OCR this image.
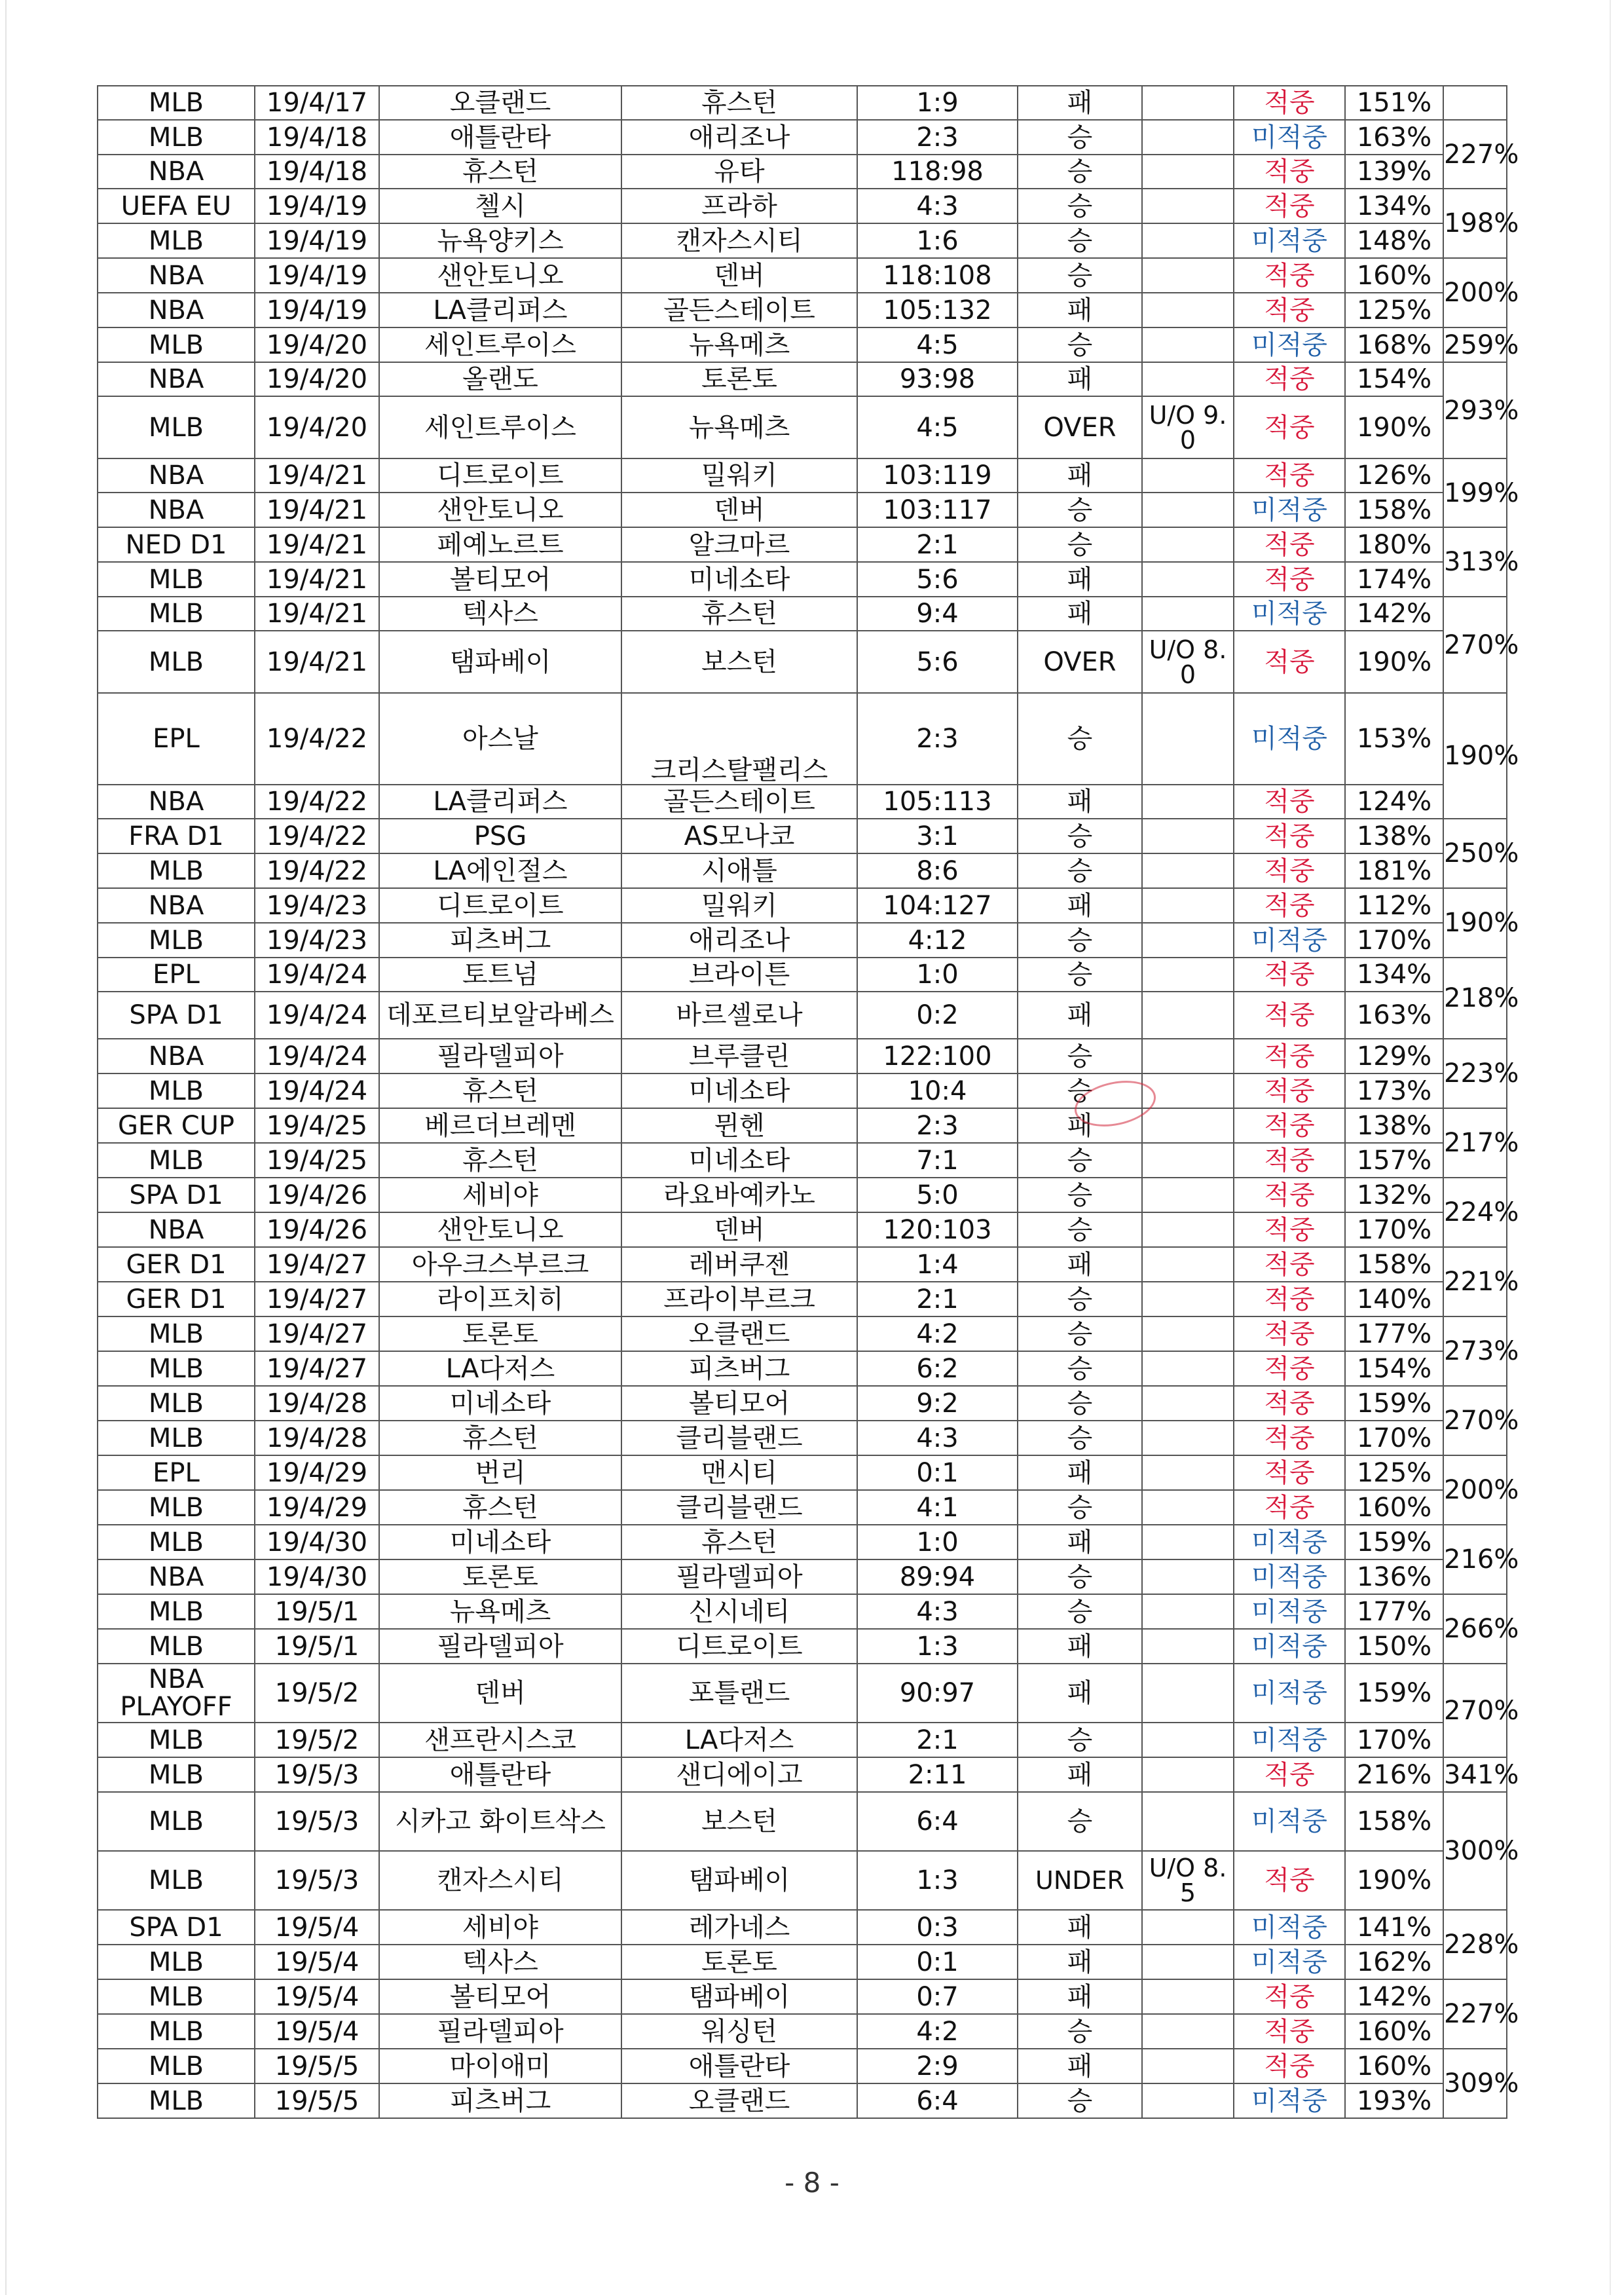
MLB	19/4/17	오클랜드	휴스턴	1:9	패		적중	151%	
MLB	19/4/18	애틀란타	애리조나	2:3	승		미적중	163%	227%
NBA	19/4/18	휴스턴	유타	118:98	승		적중	139%	
UEFA EU	19/4/19	첼시	프라하	4:3	승		적중	134%	198%
MLB	19/4/19	뉴욕양키스	캔자스시티	1:6	승		미적중	148%	
NBA	19/4/19	샌안토니오	덴버	118:108	승		적중	160%	200%
NBA	19/4/19	LA클리퍼스	골든스테이트	105:132	패		적중	125%	
MLB	19/4/20	세인트루이스	뉴욕메츠	4:5	승		미적중	168%	259%
NBA	19/4/20	올랜도	토론토	93:98	패		적중	154%	293%
MLB	19/4/20	세인트루이스	뉴욕메츠	4:5	OVER	U/O 9.0	적중	190%	
NBA	19/4/21	디트로이트	밀워키	103:119	패		적중	126%	199%
NBA	19/4/21	샌안토니오	덴버	103:117	승		미적중	158%	
NED D1	19/4/21	페예노르트	알크마르	2:1	승		적중	180%	313%
MLB	19/4/21	볼티모어	미네소타	5:6	패		적중	174%	
MLB	19/4/21	텍사스	휴스턴	9:4	패		미적중	142%	270%
MLB	19/4/21	탬파베이	보스턴	5:6	OVER	U/O 8.0	적중	190%	
EPL	19/4/22	아스날	크리스탈팰리스	2:3	승		미적중	153%	190%
NBA	19/4/22	LA클리퍼스	골든스테이트	105:113	패		적중	124%	
FRA D1	19/4/22	PSG	AS모나코	3:1	승		적중	138%	250%
MLB	19/4/22	LA에인절스	시애틀	8:6	승		적중	181%	
NBA	19/4/23	디트로이트	밀워키	104:127	패		적중	112%	190%
MLB	19/4/23	피츠버그	애리조나	4:12	승		미적중	170%	
EPL	19/4/24	토트넘	브라이튼	1:0	승		적중	134%	218%
SPA D1	19/4/24	데포르티보알라베스	바르셀로나	0:2	패		적중	163%	
NBA	19/4/24	필라델피아	브루클린	122:100	승		적중	129%	223%
MLB	19/4/24	휴스턴	미네소타	10:4	승		적중	173%	
GER CUP	19/4/25	베르더브레멘	뮌헨	2:3	패		적중	138%	217%
MLB	19/4/25	휴스턴	미네소타	7:1	승		적중	157%	
SPA D1	19/4/26	세비야	라요바예카노	5:0	승		적중	132%	224%
NBA	19/4/26	샌안토니오	덴버	120:103	승		적중	170%	
GER D1	19/4/27	아우크스부르크	레버쿠젠	1:4	패		적중	158%	221%
GER D1	19/4/27	라이프치히	프라이부르크	2:1	승		적중	140%	
MLB	19/4/27	토론토	오클랜드	4:2	승		적중	177%	273%
MLB	19/4/27	LA다저스	피츠버그	6:2	승		적중	154%	
MLB	19/4/28	미네소타	볼티모어	9:2	승		적중	159%	270%
MLB	19/4/28	휴스턴	클리블랜드	4:3	승		적중	170%	
EPL	19/4/29	번리	맨시티	0:1	패		적중	125%	200%
MLB	19/4/29	휴스턴	클리블랜드	4:1	승		적중	160%	
MLB	19/4/30	미네소타	휴스턴	1:0	패		미적중	159%	216%
NBA	19/4/30	토론토	필라델피아	89:94	승		미적중	136%	
MLB	19/5/1	뉴욕메츠	신시네티	4:3	승		미적중	177%	266%
MLB	19/5/1	필라델피아	디트로이트	1:3	패		미적중	150%	
NBA PLAYOFF	19/5/2	덴버	포틀랜드	90:97	패		미적중	159%	270%
MLB	19/5/2	샌프란시스코	LA다저스	2:1	승		미적중	170%	
MLB	19/5/3	애틀란타	샌디에이고	2:11	패		적중	216%	341%
MLB	19/5/3	시카고 화이트삭스	보스턴	6:4	승		미적중	158%	300%
MLB	19/5/3	캔자스시티	탬파베이	1:3	UNDER	U/O 8.5	적중	190%	
SPA D1	19/5/4	세비야	레가네스	0:3	패		미적중	141%	228%
MLB	19/5/4	텍사스	토론토	0:1	패		미적중	162%	
MLB	19/5/4	볼티모어	탬파베이	0:7	패		적중	142%	227%
MLB	19/5/4	필라델피아	워싱턴	4:2	승		적중	160%	
MLB	19/5/5	마이애미	애틀란타	2:9	패		적중	160%	309%
MLB	19/5/5	피츠버그	오클랜드	6:4	승		미적중	193%	
- 8 -
